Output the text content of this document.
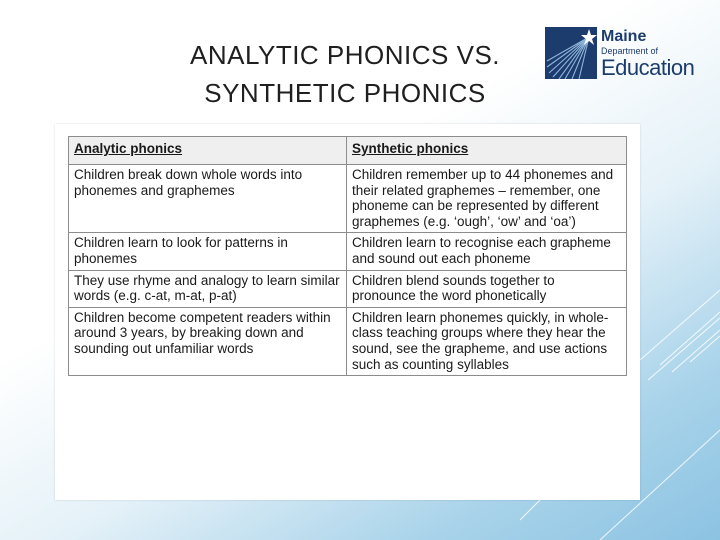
ANALYTIC PHONICS VS.
SYNTHETIC PHONICS
Maine
Department of
Education
Analytic phonics	Synthetic phonics
Children break down whole words into phonemes and graphemes	Children remember up to 44 phonemes and their related graphemes – remember, one phoneme can be represented by different graphemes (e.g. ‘ough’, ‘ow’ and ‘oa’)
Children learn to look for patterns in phonemes	Children learn to recognise each grapheme and sound out each phoneme
They use rhyme and analogy to learn similar words (e.g. c-at, m-at, p-at)	Children blend sounds together to pronounce the word phonetically
Children become competent readers within around 3 years, by breaking down and sounding out unfamiliar words	Children learn phonemes quickly, in whole-class teaching groups where they hear the sound, see the grapheme, and use actions such as counting syllables
